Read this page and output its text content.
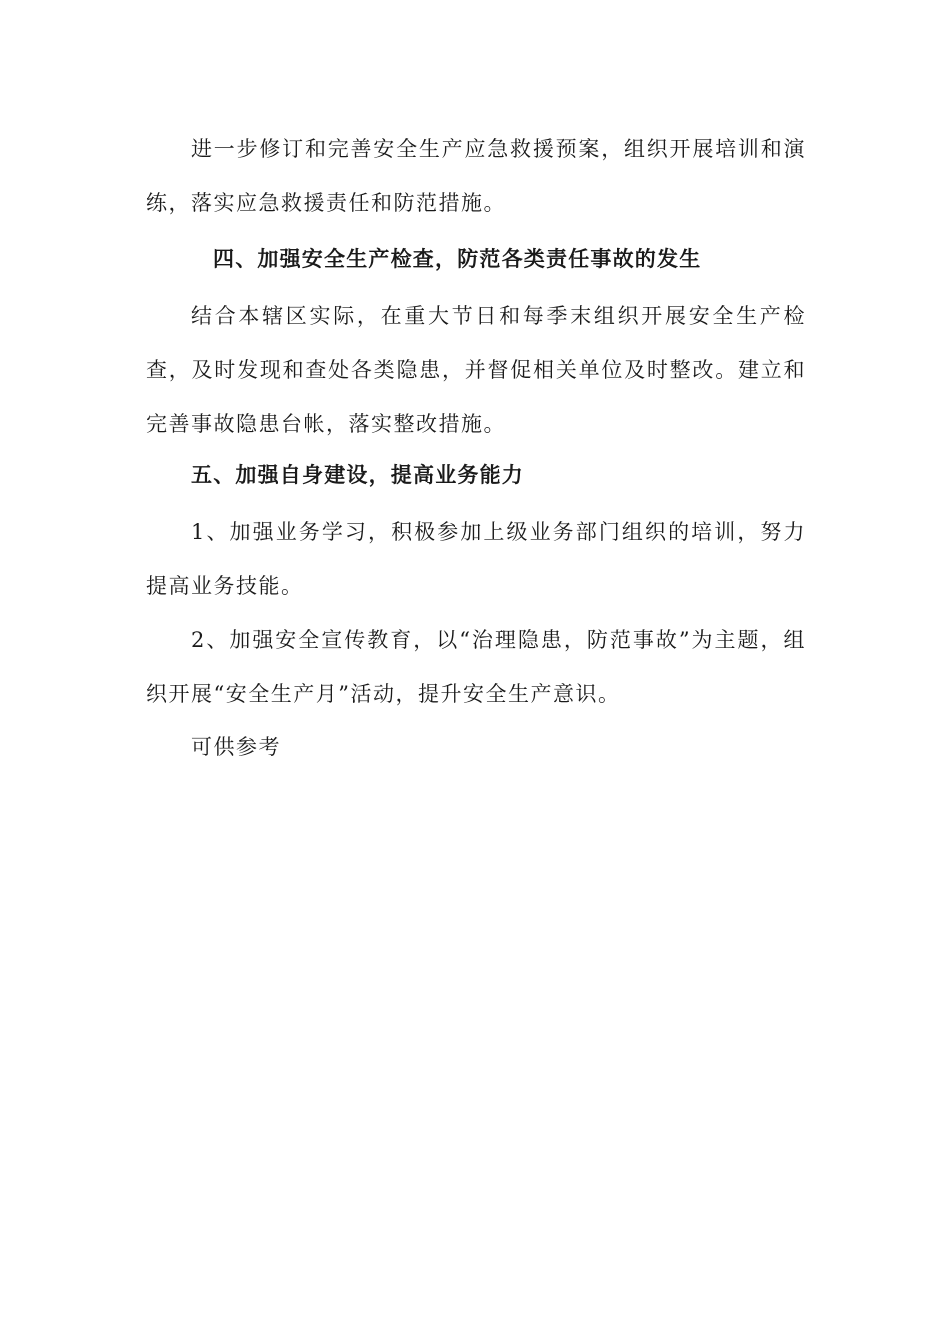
进一步修订和完善安全生产应急救援预案，组织开展培训和演练，落实应急救援责任和防范措施。

四、加强安全生产检查，防范各类责任事故的发生

结合本辖区实际，在重大节日和每季末组织开展安全生产检查，及时发现和查处各类隐患，并督促相关单位及时整改。建立和完善事故隐患台帐，落实整改措施。

五、加强自身建设，提高业务能力

1、加强业务学习，积极参加上级业务部门组织的培训，努力提高业务技能。

2、加强安全宣传教育，以“治理隐患，防范事故”为主题，组织开展“安全生产月”活动，提升安全生产意识。

可供参考
